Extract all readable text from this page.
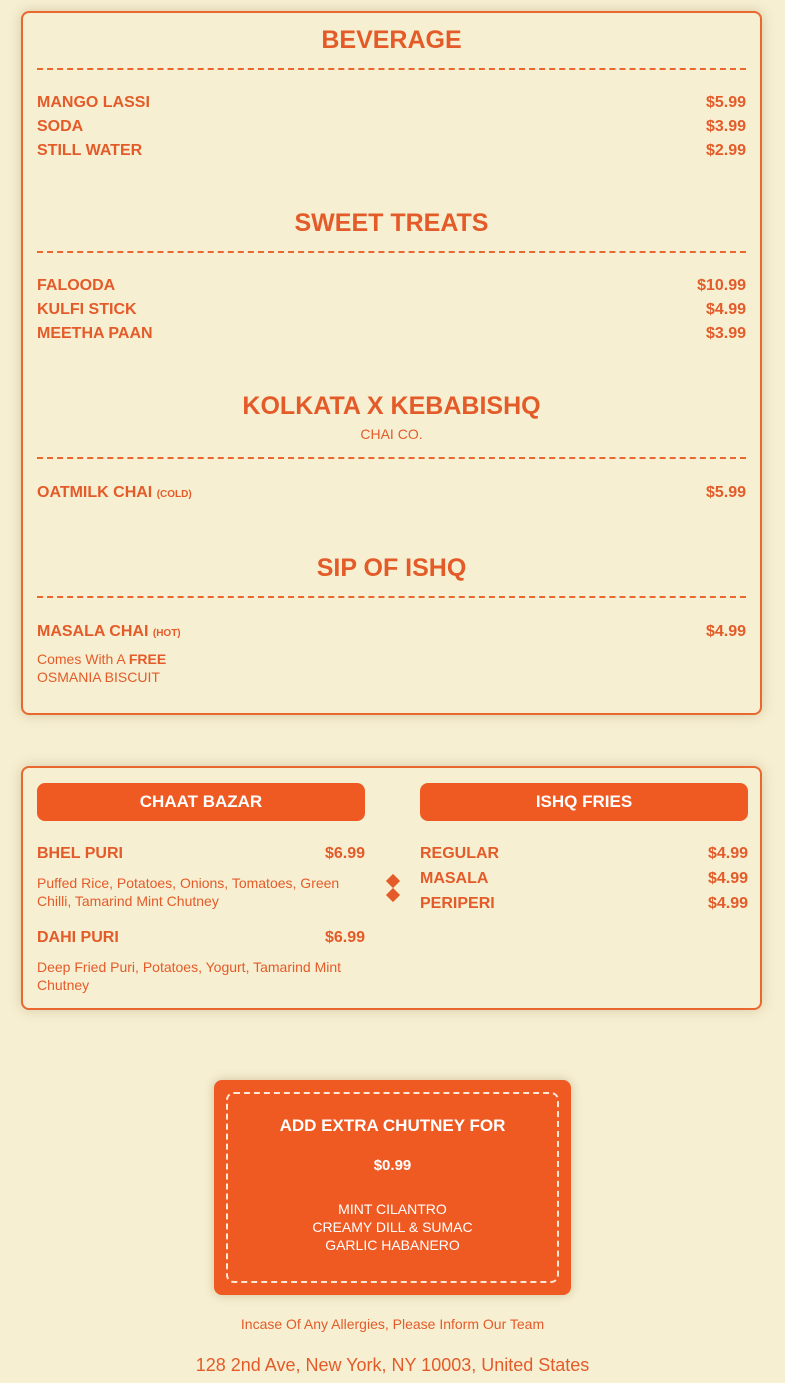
BEVERAGE
MANGO LASSI	$5.99
SODA	$3.99
STILL WATER	$2.99
SWEET TREATS
FALOODA	$10.99
KULFI STICK	$4.99
MEETHA PAAN	$3.99
KOLKATA X KEBABISHQ
CHAI CO.
OATMILK CHAI (COLD)	$5.99
SIP OF ISHQ
MASALA CHAI (HOT)	$4.99
Comes With A FREE
OSMANIA BISCUIT
CHAAT BAZAR	ISHQ FRIES
BHEL PURI	$6.99
Puffed Rice, Potatoes, Onions, Tomatoes, Green Chilli, Tamarind Mint Chutney
DAHI PURI	$6.99
Deep Fried Puri, Potatoes, Yogurt, Tamarind Mint Chutney
REGULAR	$4.99
MASALA	$4.99
PERIPERI	$4.99
ADD EXTRA CHUTNEY FOR
$0.99
MINT CILANTRO
CREAMY DILL & SUMAC
GARLIC HABANERO
Incase Of Any Allergies, Please Inform Our Team
128 2nd Ave, New York, NY 10003, United States
